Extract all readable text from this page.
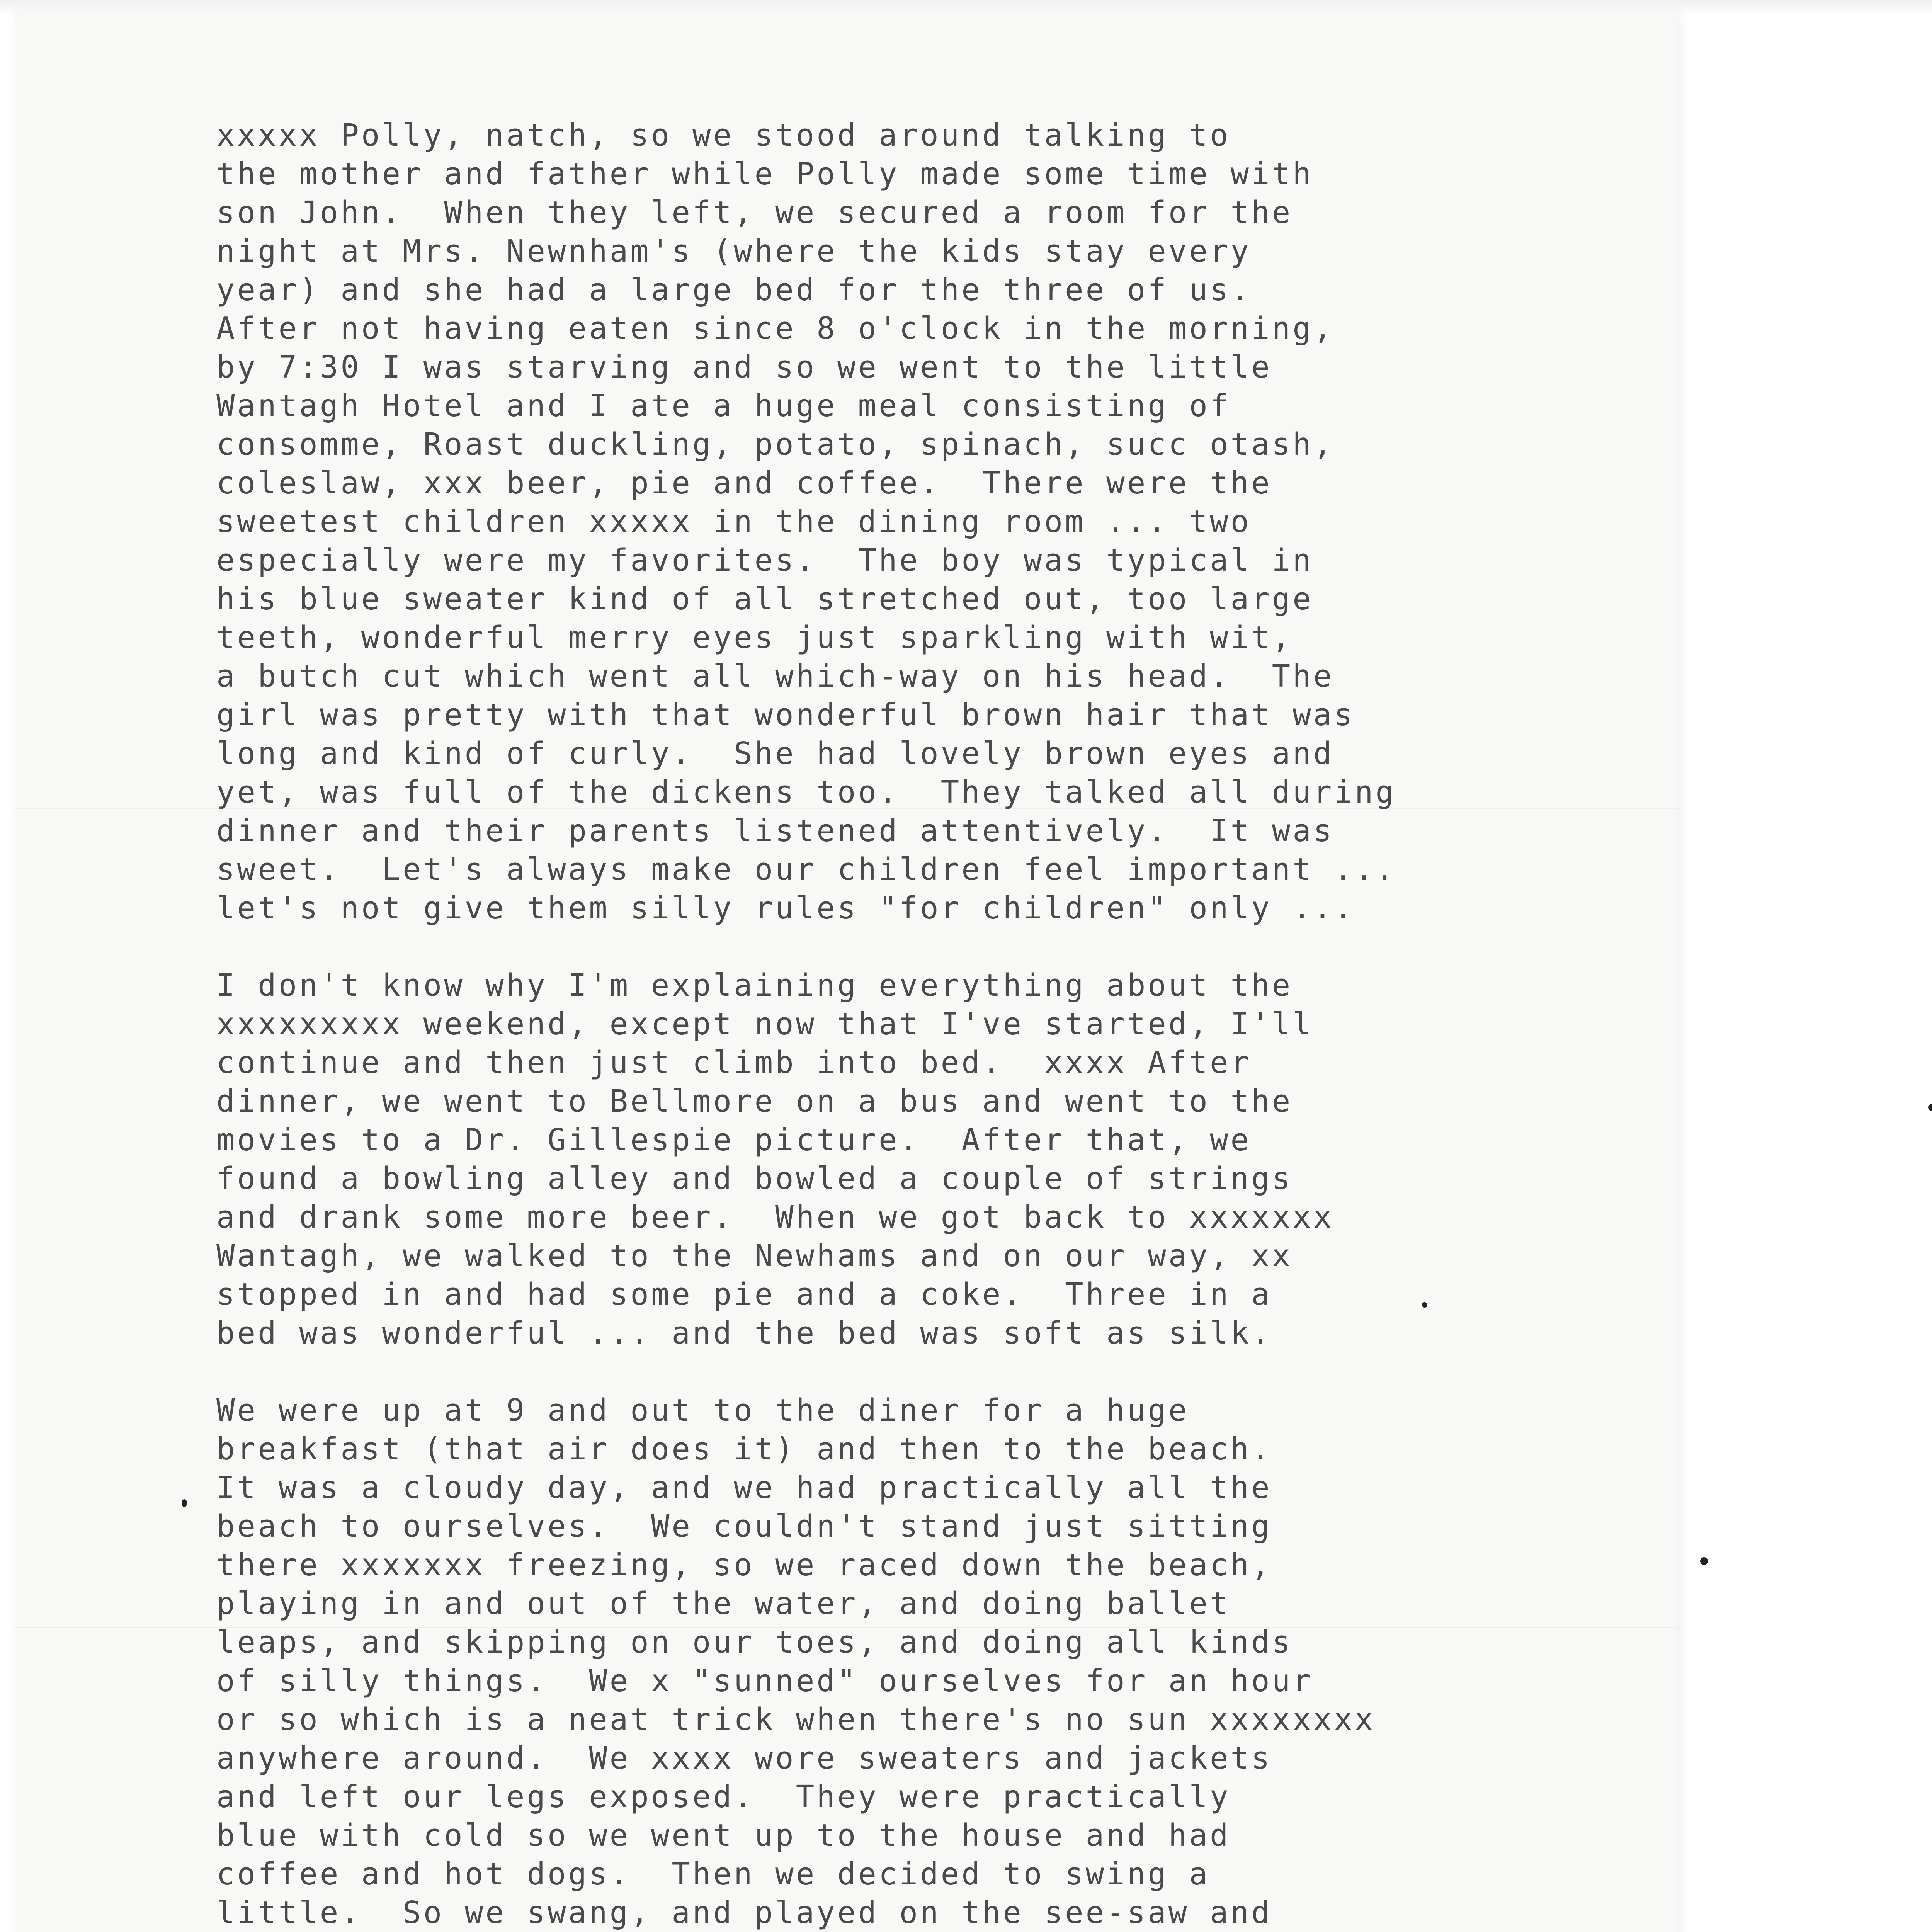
xxxxx Polly, natch, so we stood around talking to
the mother and father while Polly made some time with
son John.  When they left, we secured a room for the
night at Mrs. Newnham's (where the kids stay every
year) and she had a large bed for the three of us.
After not having eaten since 8 o'clock in the morning,
by 7:30 I was starving and so we went to the little
Wantagh Hotel and I ate a huge meal consisting of
consomme, Roast duckling, potato, spinach, succ otash,
coleslaw, xxx beer, pie and coffee.  There were the
sweetest children xxxxx in the dining room ... two
especially were my favorites.  The boy was typical in
his blue sweater kind of all stretched out, too large
teeth, wonderful merry eyes just sparkling with wit,
a butch cut which went all which-way on his head.  The
girl was pretty with that wonderful brown hair that was
long and kind of curly.  She had lovely brown eyes and
yet, was full of the dickens too.  They talked all during
dinner and their parents listened attentively.  It was
sweet.  Let's always make our children feel important ...
let's not give them silly rules "for children" only ...
I don't know why I'm explaining everything about the
xxxxxxxxx weekend, except now that I've started, I'll
continue and then just climb into bed.  xxxx After
dinner, we went to Bellmore on a bus and went to the
movies to a Dr. Gillespie picture.  After that, we
found a bowling alley and bowled a couple of strings
and drank some more beer.  When we got back to xxxxxxx
Wantagh, we walked to the Newhams and on our way, xx
stopped in and had some pie and a coke.  Three in a
bed was wonderful ... and the bed was soft as silk.
We were up at 9 and out to the diner for a huge
breakfast (that air does it) and then to the beach.
It was a cloudy day, and we had practically all the
beach to ourselves.  We couldn't stand just sitting
there xxxxxxx freezing, so we raced down the beach,
playing in and out of the water, and doing ballet
leaps, and skipping on our toes, and doing all kinds
of silly things.  We x "sunned" ourselves for an hour
or so which is a neat trick when there's no sun xxxxxxxx
anywhere around.  We xxxx wore sweaters and jackets
and left our legs exposed.  They were practically
blue with cold so we went up to the house and had
coffee and hot dogs.  Then we decided to swing a
little.  So we swang, and played on the see-saw and
